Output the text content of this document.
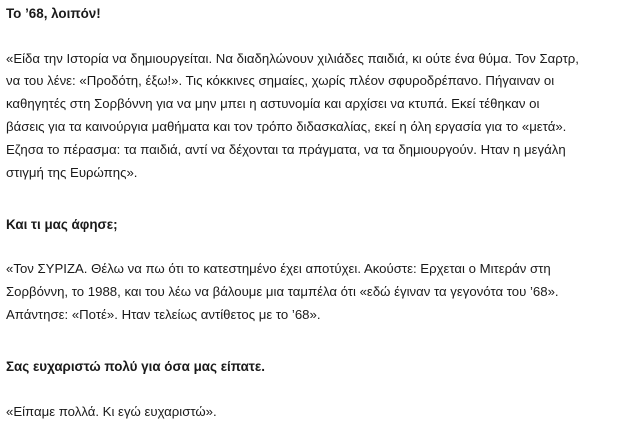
Το ’68, λοιπόν!
«Είδα την Ιστορία να δημιουργείται. Να διαδηλώνουν χιλιάδες παιδιά, κι ούτε ένα θύμα. Τον Σαρτρ,
να του λένε: «Προδότη, έξω!». Τις κόκκινες σημαίες, χωρίς πλέον σφυροδρέπανο. Πήγαιναν οι
καθηγητές στη Σορβόννη για να μην μπει η αστυνομία και αρχίσει να κτυπά. Εκεί τέθηκαν οι
βάσεις για τα καινούργια μαθήματα και τον τρόπο διδασκαλίας, εκεί η όλη εργασία για το «μετά».
Εζησα το πέρασμα: τα παιδιά, αντί να δέχονται τα πράγματα, να τα δημιουργούν. Ηταν η μεγάλη
στιγμή της Ευρώπης».
Και τι μας άφησε;
«Τον ΣΥΡΙΖΑ. Θέλω να πω ότι το κατεστημένο έχει αποτύχει. Ακούστε: Ερχεται ο Μιτεράν στη
Σορβόννη, το 1988, και του λέω να βάλουμε μια ταμπέλα ότι «εδώ έγιναν τα γεγονότα του ’68».
Απάντησε: «Ποτέ». Ηταν τελείως αντίθετος με το ’68».
Σας ευχαριστώ πολύ για όσα μας είπατε.
«Είπαμε πολλά. Κι εγώ ευχαριστώ».
